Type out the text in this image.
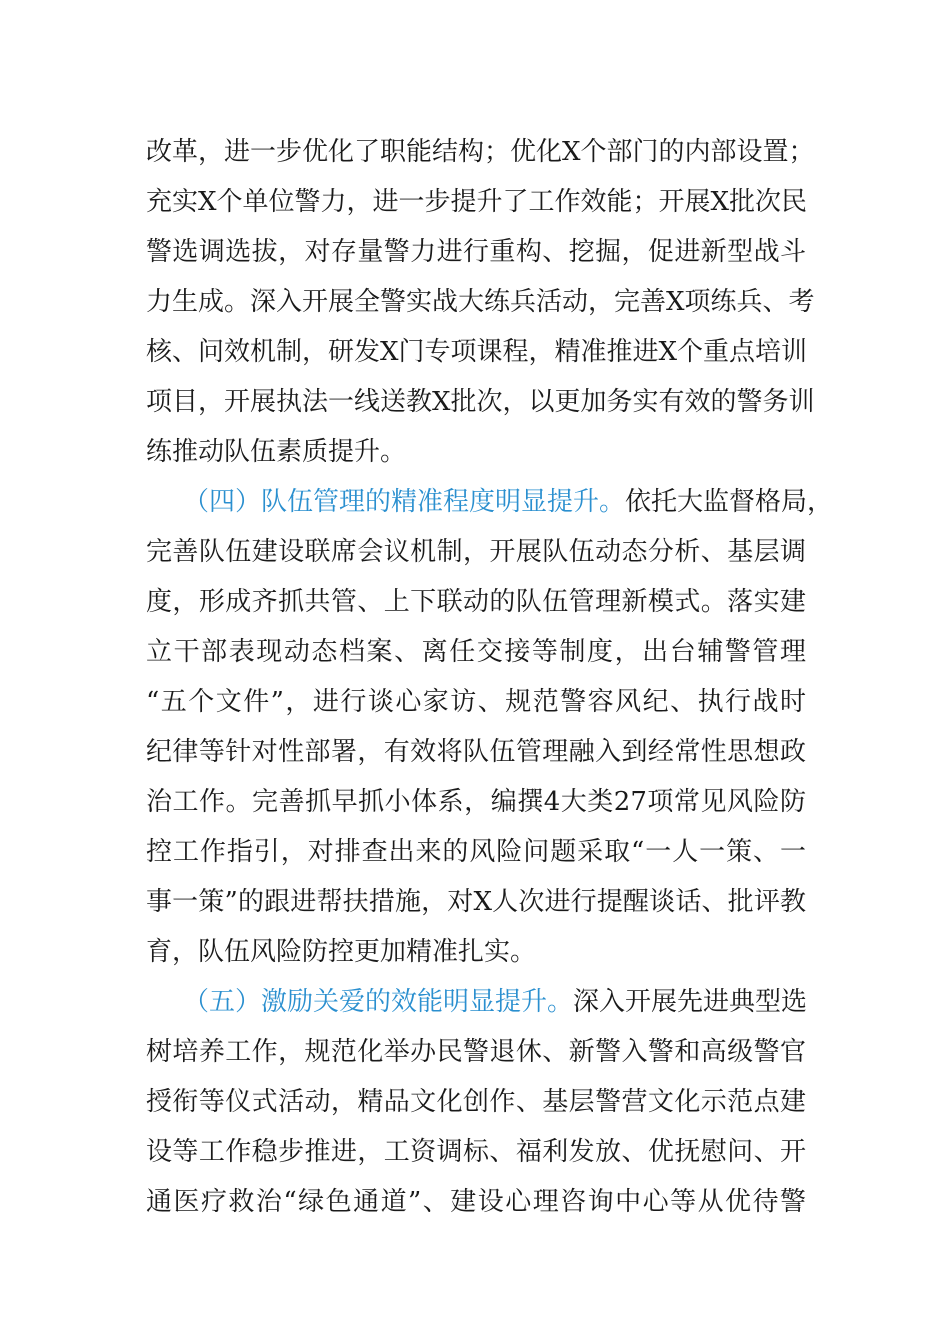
改革，进一步优化了职能结构；优化X个部门的内部设置；
充实X个单位警力，进一步提升了工作效能；开展X批次民
警选调选拔，对存量警力进行重构、挖掘，促进新型战斗
力生成。深入开展全警实战大练兵活动，完善X项练兵、考
核、问效机制，研发X门专项课程，精准推进X个重点培训
项目，开展执法一线送教X批次，以更加务实有效的警务训
练推动队伍素质提升。
（四）队伍管理的精准程度明显提升。依托大监督格局，
完善队伍建设联席会议机制，开展队伍动态分析、基层调
度，形成齐抓共管、上下联动的队伍管理新模式。落实建
立干部表现动态档案、离任交接等制度，出台辅警管理
“五个文件”，进行谈心家访、规范警容风纪、执行战时
纪律等针对性部署，有效将队伍管理融入到经常性思想政
治工作。完善抓早抓小体系，编撰4大类27项常见风险防
控工作指引，对排查出来的风险问题采取“一人一策、一
事一策”的跟进帮扶措施，对X人次进行提醒谈话、批评教
育，队伍风险防控更加精准扎实。
（五）激励关爱的效能明显提升。深入开展先进典型选
树培养工作，规范化举办民警退休、新警入警和高级警官
授衔等仪式活动，精品文化创作、基层警营文化示范点建
设等工作稳步推进，工资调标、福利发放、优抚慰问、开
通医疗救治“绿色通道”、建设心理咨询中心等从优待警
